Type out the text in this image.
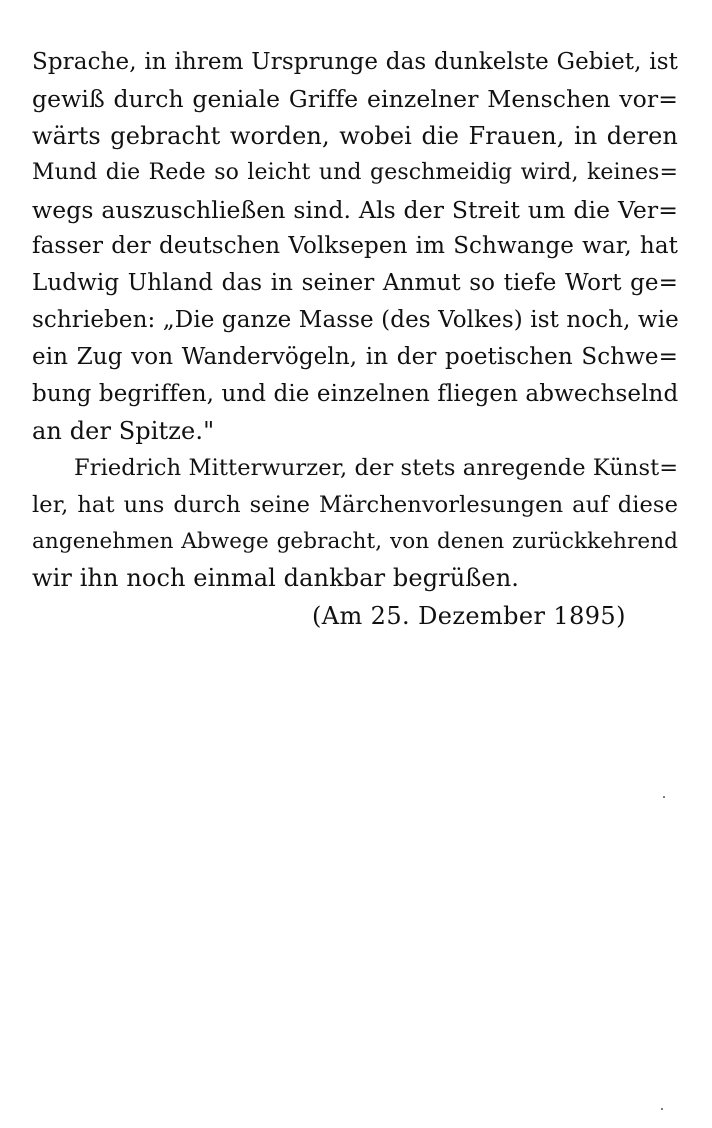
Sprache, in ihrem Ursprunge das dunkelste Gebiet, ist
gewiß durch geniale Griffe einzelner Menschen vor=
wärts gebracht worden, wobei die Frauen, in deren
Mund die Rede so leicht und geschmeidig wird, keines=
wegs auszuschließen sind. Als der Streit um die Ver=
fasser der deutschen Volksepen im Schwange war, hat
Ludwig Uhland das in seiner Anmut so tiefe Wort ge=
schrieben: „Die ganze Masse (des Volkes) ist noch, wie
ein Zug von Wandervögeln, in der poetischen Schwe=
bung begriffen, und die einzelnen fliegen abwechselnd
an der Spitze."
Friedrich Mitterwurzer, der stets anregende Künst=
ler, hat uns durch seine Märchenvorlesungen auf diese
angenehmen Abwege gebracht, von denen zurückkehrend
wir ihn noch einmal dankbar begrüßen.
(Am 25. Dezember 1895)
